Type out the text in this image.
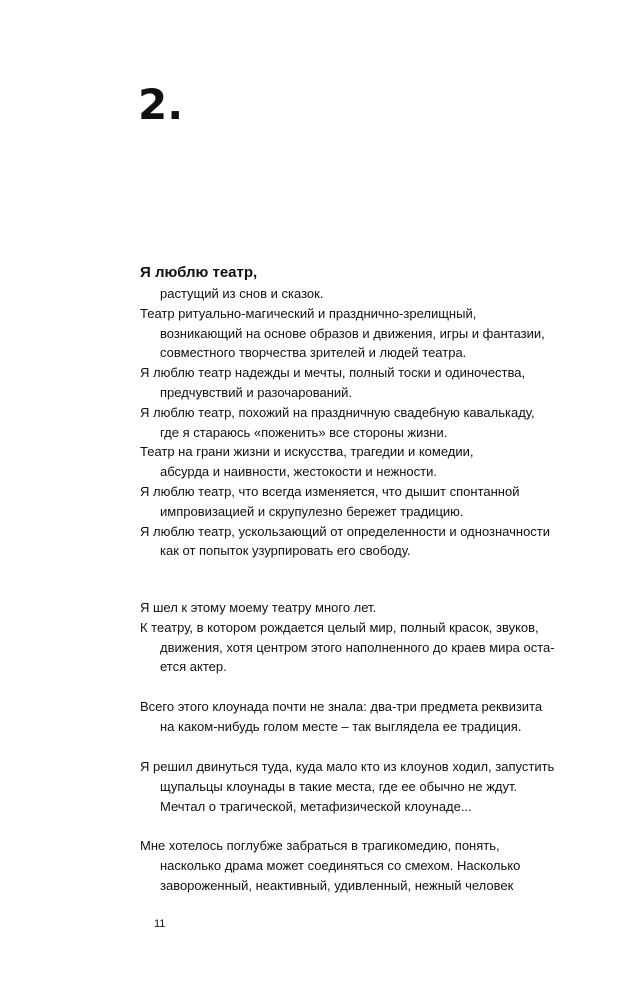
2.

Я люблю театр,

растущий из снов и сказок.

Театр ритуально-магический и празднично-зрелищный,

возникающий на основе образов и движения, игры и фантазии,

совместного творчества зрителей и людей театра.

Я люблю театр надежды и мечты, полный тоски и одиночества,

предчувствий и разочарований.

Я люблю театр, похожий на праздничную свадебную кавалькаду,

где я стараюсь «поженить» все стороны жизни.

Театр на грани жизни и искусства, трагедии и комедии,

абсурда и наивности, жестокости и нежности.

Я люблю театр, что всегда изменяется, что дышит спонтанной

импровизацией и скрупулезно бережет традицию.

Я люблю театр, ускользающий от определенности и однозначности

как от попыток узурпировать его свободу.

Я шел к этому моему театру много лет.

К театру, в котором рождается целый мир, полный красок, звуков, движения, хотя центром этого наполненного до краев мира оста-ется актер.

Всего этого клоунада почти не знала: два-три предмета реквизита на каком-нибудь голом месте – так выглядела ее традиция.

Я решил двинуться туда, куда мало кто из клоунов ходил, запустить щупальцы клоунады в такие места, где ее обычно не ждут. Мечтал о трагической, метафизической клоунаде...

Мне хотелось поглубже забраться в трагикомедию, понять, насколько драма может соединяться со смехом. Насколько завороженный, неактивный, удивленный, нежный человек

11
